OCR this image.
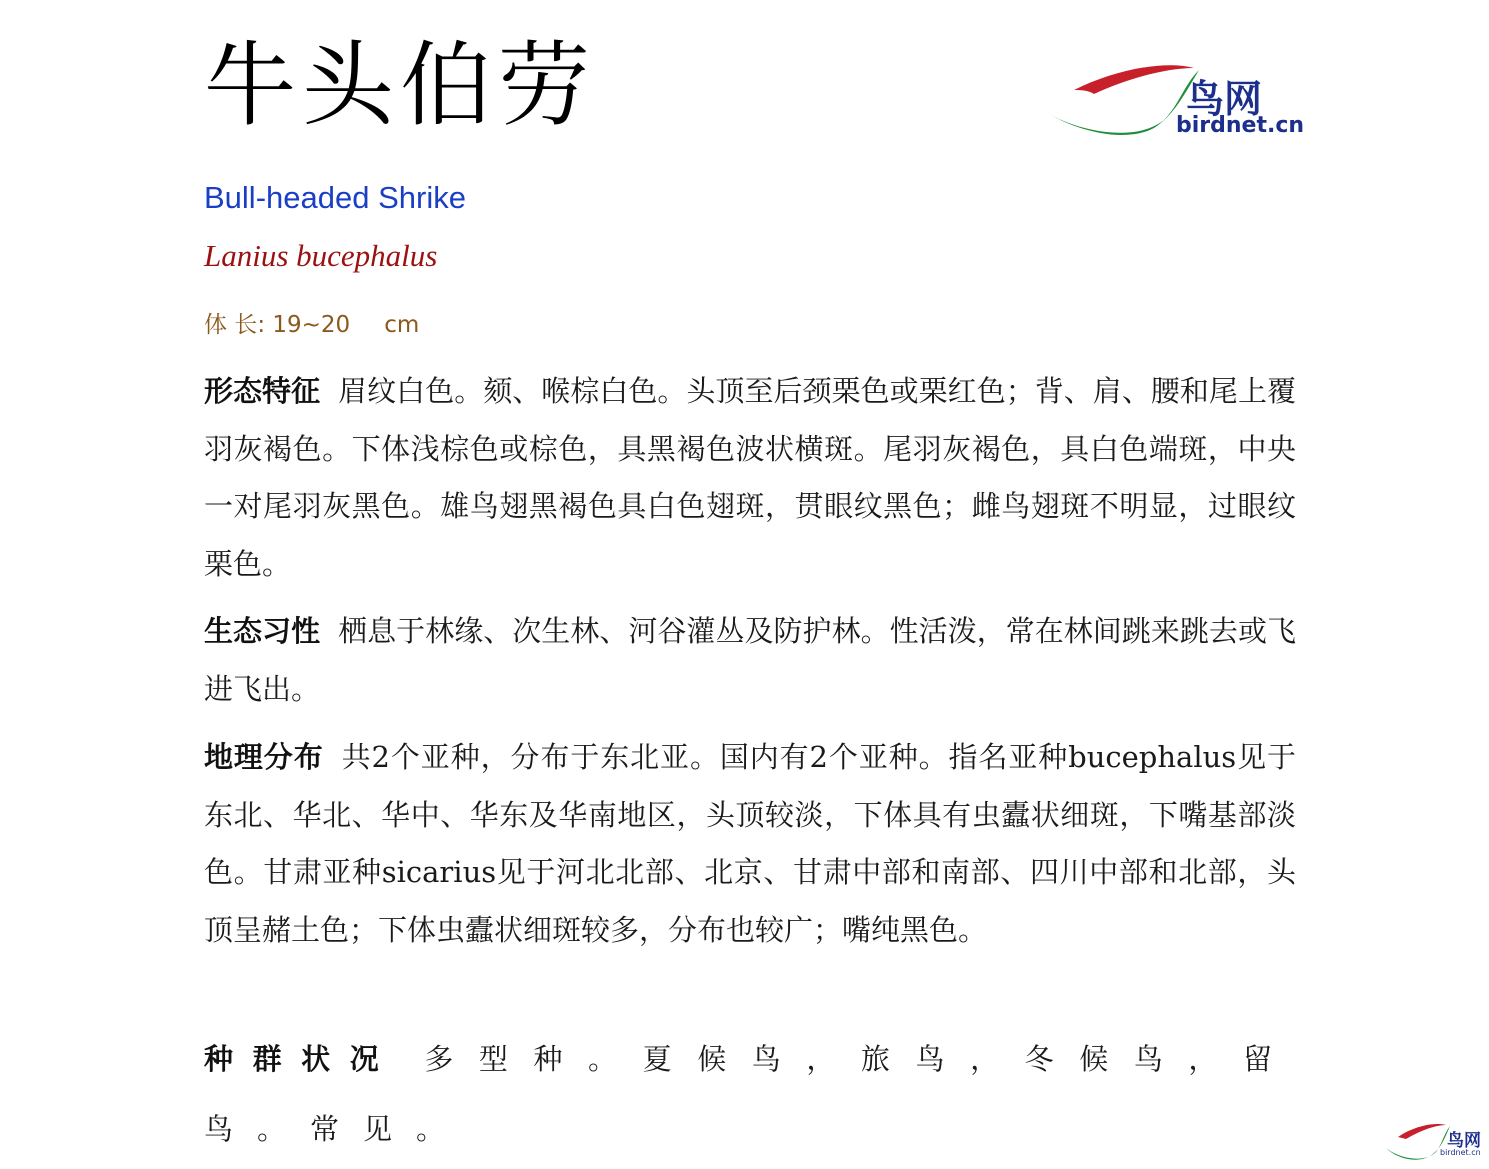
牛头伯劳	鸟网
birdnet.cn
Bull-headed Shrike
Lanius bucephalus
体 长: 19~20 cm

形态特征 眉纹白色。颏、喉棕白色。头顶至后颈栗色或栗红色；背、肩、腰和尾上覆羽灰褐色。下体浅棕色或棕色，具黑褐色波状横斑。尾羽灰褐色，具白色端斑，中央一对尾羽灰黑色。雄鸟翅黑褐色具白色翅斑，贯眼纹黑色；雌鸟翅斑不明显，过眼纹栗色。

生态习性 栖息于林缘、次生林、河谷灌丛及防护林。性活泼，常在林间跳来跳去或飞进飞出。

地理分布 共2个亚种，分布于东北亚。国内有2个亚种。指名亚种bucephalus见于东北、华北、华中、华东及华南地区，头顶较淡，下体具有虫蠹状细斑，下嘴基部淡色。甘肃亚种sicarius见于河北北部、北京、甘肃中部和南部、四川中部和北部，头顶呈赭土色；下体虫蠹状细斑较多，分布也较广；嘴纯黑色。

种群状况 多型种。夏候鸟，旅鸟，冬候鸟，留鸟。常见。	鸟网
birdnet.cn
